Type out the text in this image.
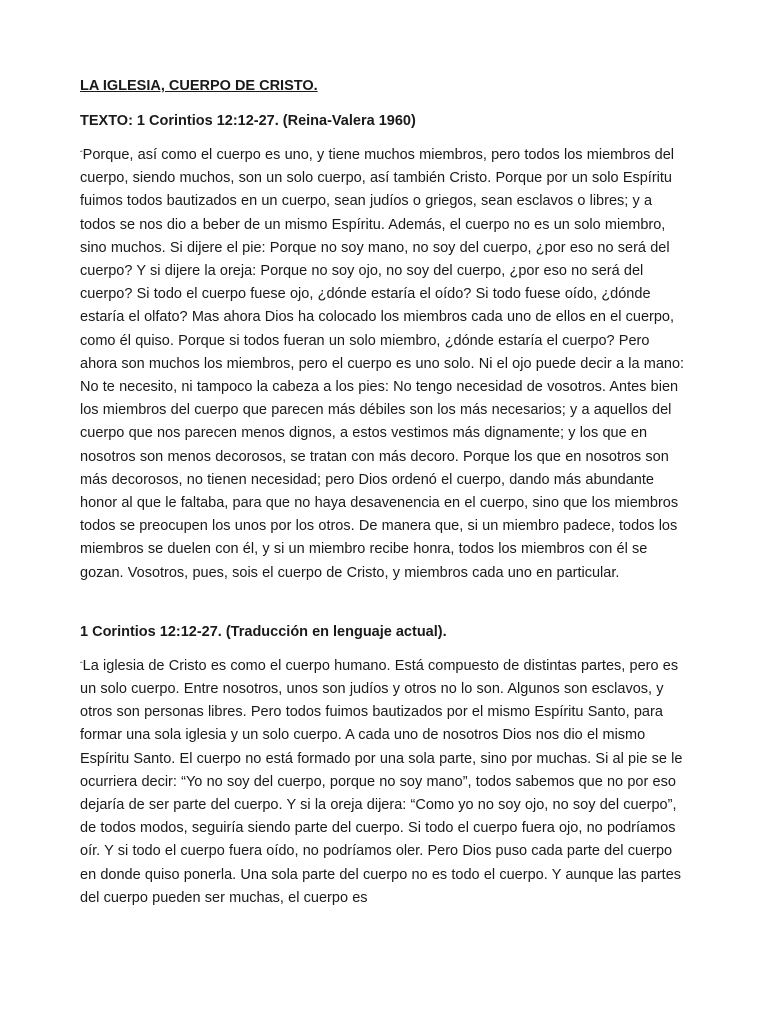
LA IGLESIA, CUERPO DE CRISTO.
TEXTO: 1 Corintios 12:12-27. (Reina-Valera 1960)

$^ˆ$Porque, así como el cuerpo es uno, y tiene muchos miembros, pero todos los miembros del cuerpo, siendo muchos, son un solo cuerpo, así también Cristo. Porque por un solo Espíritu fuimos todos bautizados en un cuerpo, sean judíos o griegos, sean esclavos o libres; y a todos se nos dio a beber de un mismo Espíritu. Además, el cuerpo no es un solo miembro, sino muchos. Si dijere el pie: Porque no soy mano, no soy del cuerpo, ¿por eso no será del cuerpo? Y si dijere la oreja: Porque no soy ojo, no soy del cuerpo, ¿por eso no será del cuerpo? Si todo el cuerpo fuese ojo, ¿dónde estaría el oído? Si todo fuese oído, ¿dónde estaría el olfato? Mas ahora Dios ha colocado los miembros cada uno de ellos en el cuerpo, como él quiso. Porque si todos fueran un solo miembro, ¿dónde estaría el cuerpo? Pero ahora son muchos los miembros, pero el cuerpo es uno solo. Ni el ojo puede decir a la mano: No te necesito, ni tampoco la cabeza a los pies: No tengo necesidad de vosotros. Antes bien los miembros del cuerpo que parecen más débiles son los más necesarios; y a aquellos del cuerpo que nos parecen menos dignos, a estos vestimos más dignamente; y los que en nosotros son menos decorosos, se tratan con más decoro. Porque los que en nosotros son más decorosos, no tienen necesidad; pero Dios ordenó el cuerpo, dando más abundante honor al que le faltaba, para que no haya desavenencia en el cuerpo, sino que los miembros todos se preocupen los unos por los otros. De manera que, si un miembro padece, todos los miembros se duelen con él, y si un miembro recibe honra, todos los miembros con él se gozan. Vosotros, pues, sois el cuerpo de Cristo, y miembros cada uno en particular.

1 Corintios 12:12-27. (Traducción en lenguaje actual).

$^ˆ$La iglesia de Cristo es como el cuerpo humano. Está compuesto de distintas partes, pero es un solo cuerpo. Entre nosotros, unos son judíos y otros no lo son. Algunos son esclavos, y otros son personas libres. Pero todos fuimos bautizados por el mismo Espíritu Santo, para formar una sola iglesia y un solo cuerpo. A cada uno de nosotros Dios nos dio el mismo Espíritu Santo. El cuerpo no está formado por una sola parte, sino por muchas. Si al pie se le ocurriera decir: “Yo no soy del cuerpo, porque no soy mano”, todos sabemos que no por eso dejaría de ser parte del cuerpo. Y si la oreja dijera: “Como yo no soy ojo, no soy del cuerpo”, de todos modos, seguiría siendo parte del cuerpo. Si todo el cuerpo fuera ojo, no podríamos oír. Y si todo el cuerpo fuera oído, no podríamos oler. Pero Dios puso cada parte del cuerpo en donde quiso ponerla. Una sola parte del cuerpo no es todo el cuerpo. Y aunque las partes del cuerpo pueden ser muchas, el cuerpo es
